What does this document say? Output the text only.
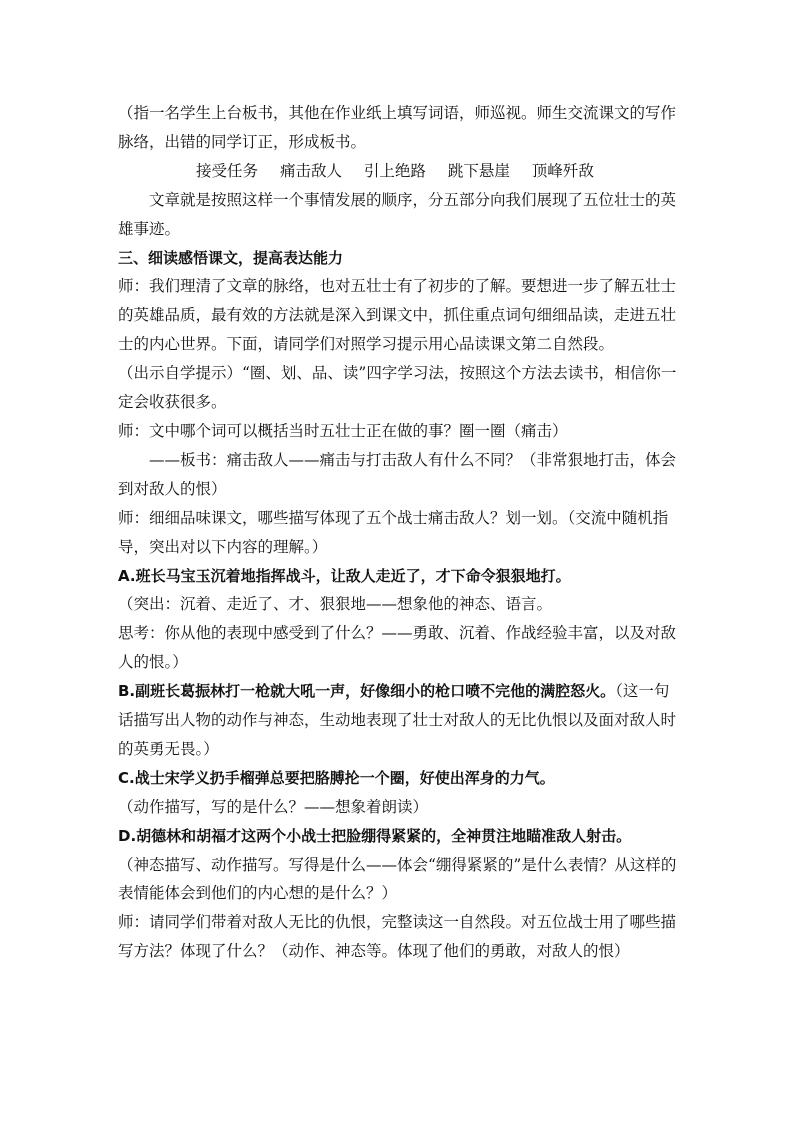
（指一名学生上台板书，其他在作业纸上填写词语，师巡视。师生交流课文的写作脉络，出错的同学订正，形成板书。

接受任务 痛击敌人 引上绝路 跳下悬崖 顶峰歼敌

文章就是按照这样一个事情发展的顺序，分五部分向我们展现了五位壮士的英雄事迹。

三、细读感悟课文，提高表达能力

师：我们理清了文章的脉络，也对五壮士有了初步的了解。要想进一步了解五壮士的英雄品质，最有效的方法就是深入到课文中，抓住重点词句细细品读，走进五壮士的内心世界。下面，请同学们对照学习提示用心品读课文第二自然段。

（出示自学提示）“圈、划、品、读”四字学习法，按照这个方法去读书，相信你一定会收获很多。

师：文中哪个词可以概括当时五壮士正在做的事？圈一圈（痛击）

——板书：痛击敌人——痛击与打击敌人有什么不同？（非常狠地打击，体会到对敌人的恨）

师：细细品味课文，哪些描写体现了五个战士痛击敌人？划一划。（交流中随机指导，突出对以下内容的理解。）

A.班长马宝玉沉着地指挥战斗，让敌人走近了，才下命令狠狠地打。

（突出：沉着、走近了、才、狠狠地——想象他的神态、语言。

思考：你从他的表现中感受到了什么？——勇敢、沉着、作战经验丰富，以及对敌人的恨。）

B.副班长葛振林打一枪就大吼一声，好像细小的枪口喷不完他的满腔怒火。（这一句话描写出人物的动作与神态，生动地表现了壮士对敌人的无比仇恨以及面对敌人时的英勇无畏。）

C.战士宋学义扔手榴弹总要把胳膊抡一个圈，好使出浑身的力气。

（动作描写，写的是什么？——想象着朗读）

D.胡德林和胡福才这两个小战士把脸绷得紧紧的，全神贯注地瞄准敌人射击。

（神态描写、动作描写。写得是什么——体会“绷得紧紧的”是什么表情？从这样的表情能体会到他们的内心想的是什么？）

师：请同学们带着对敌人无比的仇恨，完整读这一自然段。对五位战士用了哪些描写方法？体现了什么？（动作、神态等。体现了他们的勇敢，对敌人的恨）
